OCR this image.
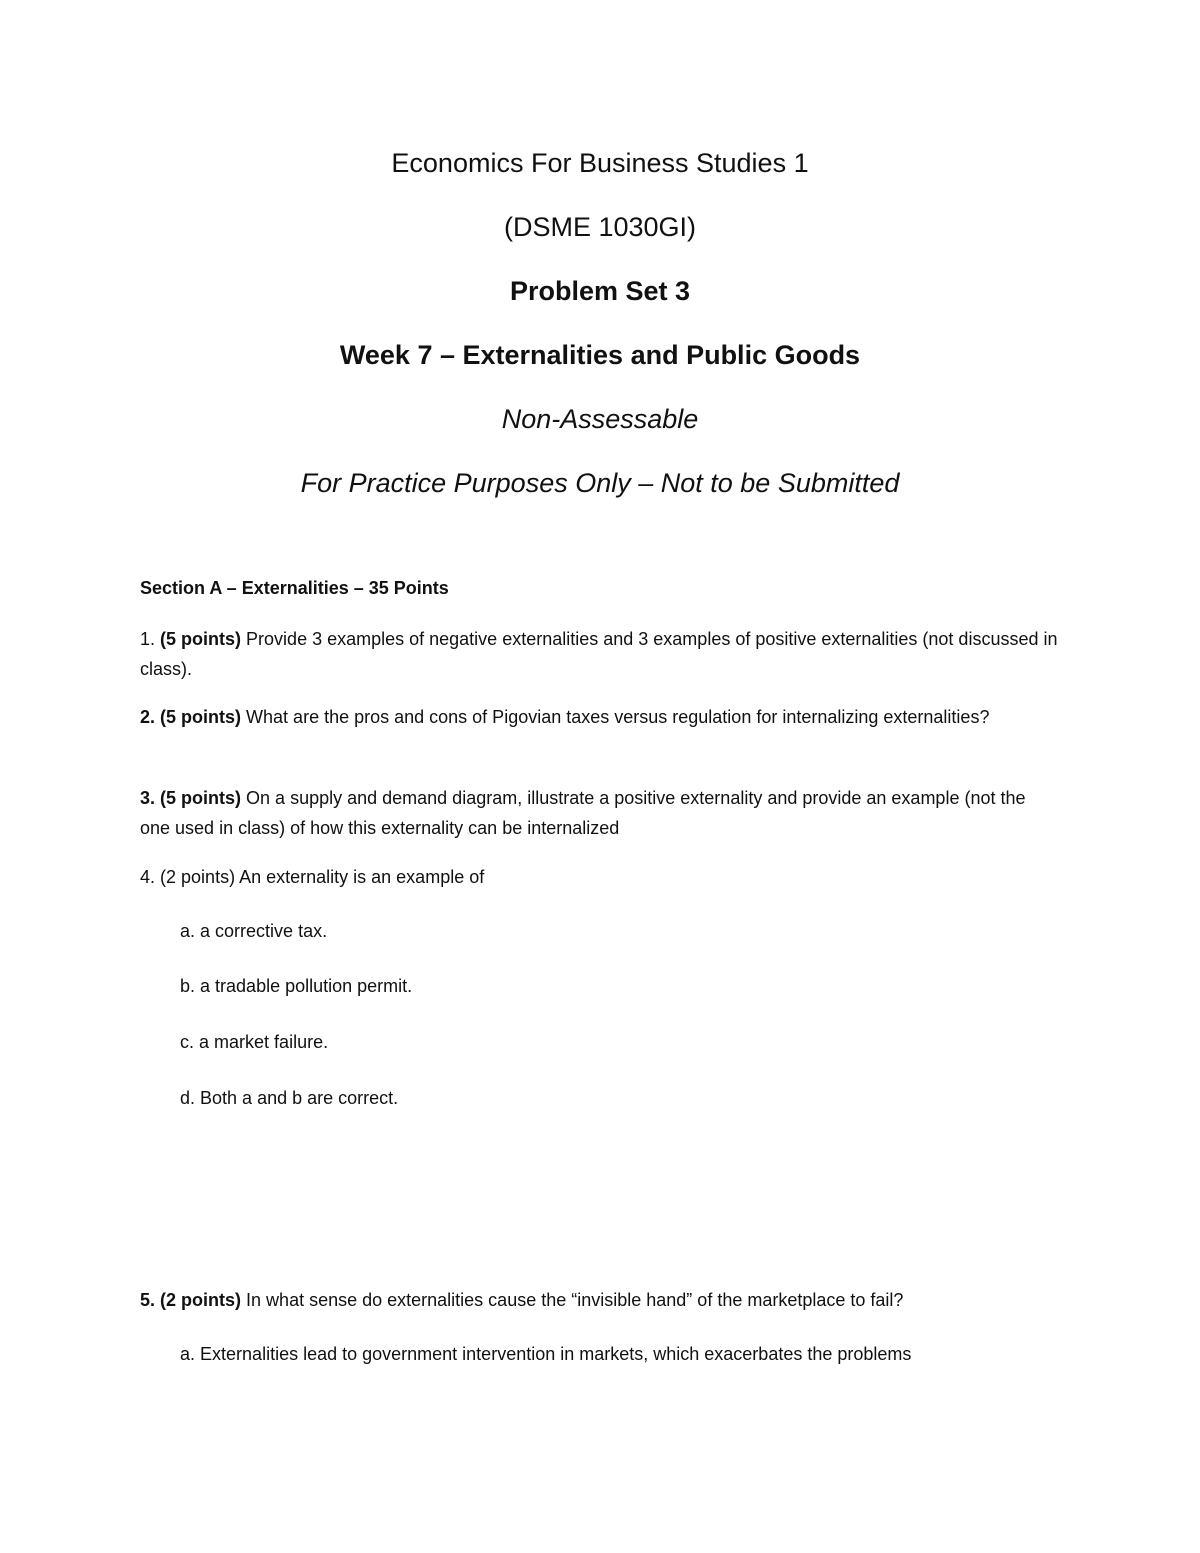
Economics For Business Studies 1
(DSME 1030GI)
Problem Set 3
Week 7 – Externalities and Public Goods
Non-Assessable
For Practice Purposes Only – Not to be Submitted
Section A – Externalities – 35 Points
1. (5 points) Provide 3 examples of negative externalities and 3 examples of positive externalities (not discussed in class).
2. (5 points) What are the pros and cons of Pigovian taxes versus regulation for internalizing externalities?
3. (5 points) On a supply and demand diagram, illustrate a positive externality and provide an example (not the one used in class) of how this externality can be internalized
4. (2 points) An externality is an example of
a. a corrective tax.
b. a tradable pollution permit.
c. a market failure.
d. Both a and b are correct.
5. (2 points) In what sense do externalities cause the “invisible hand” of the marketplace to fail?
a. Externalities lead to government intervention in markets, which exacerbates the problems
